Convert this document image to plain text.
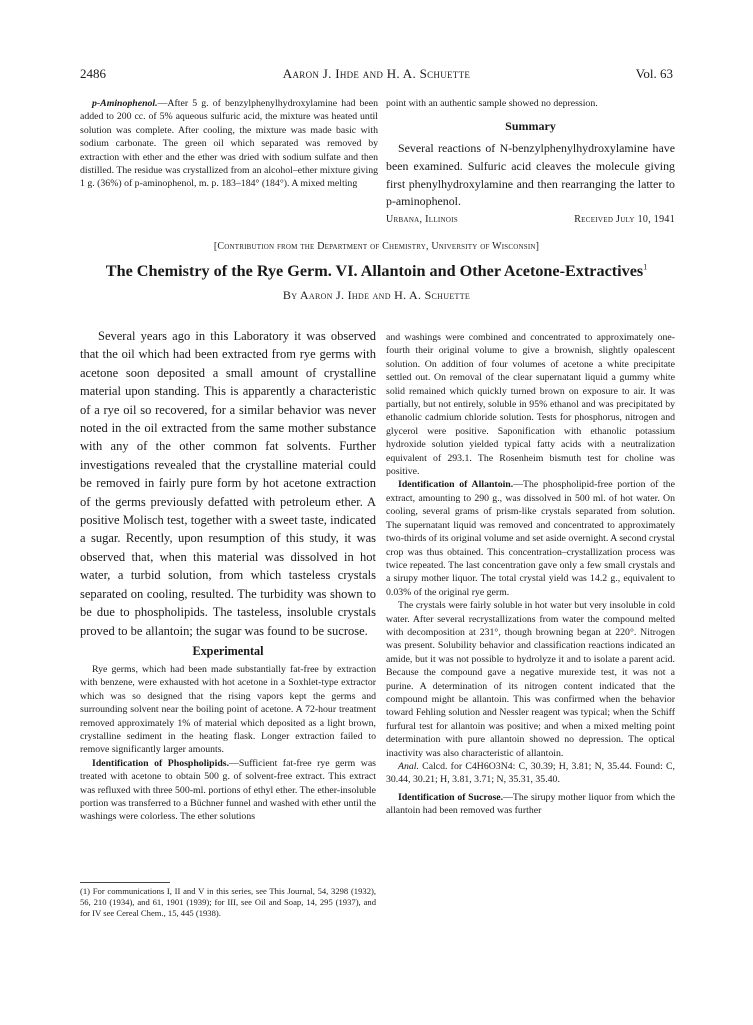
2486	Aaron J. Ihde and H. A. Schuette	Vol. 63

p-Aminophenol.—After 5 g. of benzylphenylhydroxylamine had been added to 200 cc. of 5% aqueous sulfuric acid, the mixture was heated until solution was complete. After cooling, the mixture was made basic with sodium carbonate. The green oil which separated was removed by extraction with ether and the ether was dried with sodium sulfate and then distilled. The residue was crystallized from an alcohol–ether mixture giving 1 g. (36%) of p-aminophenol, m. p. 183–184° (184°). A mixed melting

point with an authentic sample showed no depression.

Summary

Several reactions of N-benzylphenylhydroxylamine have been examined. Sulfuric acid cleaves the molecule giving first phenylhydroxylamine and then rearranging the latter to p-aminophenol.

Urbana, Illinois	Received July 10, 1941
[Contribution from the Department of Chemistry, University of Wisconsin]
The Chemistry of the Rye Germ. VI. Allantoin and Other Acetone-Extractives$^1$
By Aaron J. Ihde and H. A. Schuette

Several years ago in this Laboratory it was observed that the oil which had been extracted from rye germs with acetone soon deposited a small amount of crystalline material upon standing. This is apparently a characteristic of a rye oil so recovered, for a similar behavior was never noted in the oil extracted from the same mother substance with any of the other common fat solvents. Further investigations revealed that the crystalline material could be removed in fairly pure form by hot acetone extraction of the germs previously defatted with petroleum ether. A positive Molisch test, together with a sweet taste, indicated a sugar. Recently, upon resumption of this study, it was observed that, when this material was dissolved in hot water, a turbid solution, from which tasteless crystals separated on cooling, resulted. The turbidity was shown to be due to phospholipids. The tasteless, insoluble crystals proved to be allantoin; the sugar was found to be sucrose.

Experimental

Rye germs, which had been made substantially fat-free by extraction with benzene, were exhausted with hot acetone in a Soxhlet-type extractor which was so designed that the rising vapors kept the germs and surrounding solvent near the boiling point of acetone. A 72-hour treatment removed approximately 1% of material which deposited as a light brown, crystalline sediment in the heating flask. Longer extraction failed to remove significantly larger amounts.

Identification of Phospholipids.—Sufficient fat-free rye germ was treated with acetone to obtain 500 g. of solvent-free extract. This extract was refluxed with three 500-ml. portions of ethyl ether. The ether-insoluble portion was transferred to a Büchner funnel and washed with ether until the washings were colorless. The ether solutions

(1) For communications I, II and V in this series, see This Journal, 54, 3298 (1932), 56, 210 (1934), and 61, 1901 (1939); for III, see Oil and Soap, 14, 295 (1937), and for IV see Cereal Chem., 15, 445 (1938).

and washings were combined and concentrated to approximately one-fourth their original volume to give a brownish, slightly opalescent solution. On addition of four volumes of acetone a white precipitate settled out. On removal of the clear supernatant liquid a gummy white solid remained which quickly turned brown on exposure to air. It was partially, but not entirely, soluble in 95% ethanol and was precipitated by ethanolic cadmium chloride solution. Tests for phosphorus, nitrogen and glycerol were positive. Saponification with ethanolic potassium hydroxide solution yielded typical fatty acids with a neutralization equivalent of 293.1. The Rosenheim bismuth test for choline was positive.

Identification of Allantoin.—The phospholipid-free portion of the extract, amounting to 290 g., was dissolved in 500 ml. of hot water. On cooling, several grams of prism-like crystals separated from solution. The supernatant liquid was removed and concentrated to approximately two-thirds of its original volume and set aside overnight. A second crystal crop was thus obtained. This concentration–crystallization process was twice repeated. The last concentration gave only a few small crystals and a sirupy mother liquor. The total crystal yield was 14.2 g., equivalent to 0.03% of the original rye germ.

The crystals were fairly soluble in hot water but very insoluble in cold water. After several recrystallizations from water the compound melted with decomposition at 231°, though browning began at 220°. Nitrogen was present. Solubility behavior and classification reactions indicated an amide, but it was not possible to hydrolyze it and to isolate a parent acid. Because the compound gave a negative murexide test, it was not a purine. A determination of its nitrogen content indicated that the compound might be allantoin. This was confirmed when the behavior toward Fehling solution and Nessler reagent was typical; when the Schiff furfural test for allantoin was positive; and when a mixed melting point determination with pure allantoin showed no depression. The optical inactivity was also characteristic of allantoin.

Anal. Calcd. for C4H6O3N4: C, 30.39; H, 3.81; N, 35.44. Found: C, 30.44, 30.21; H, 3.81, 3.71; N, 35.31, 35.40.

Identification of Sucrose.—The sirupy mother liquor from which the allantoin had been removed was further
